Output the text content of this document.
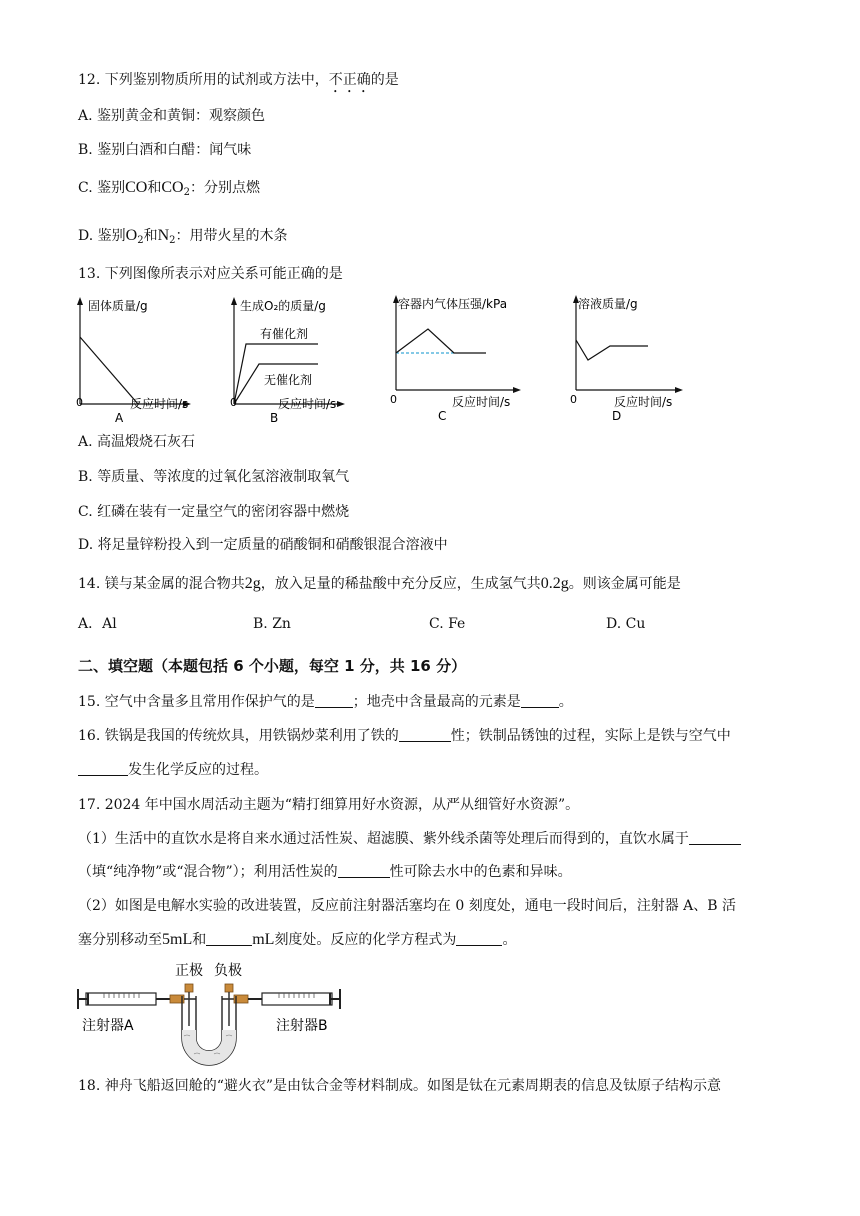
12. 下列鉴别物质所用的试剂或方法中，不正确的是
A. 鉴别黄金和黄铜：观察颜色
B. 鉴别白酒和白醋：闻气味
C. 鉴别CO和$CO_2$：分别点燃
D. 鉴别$O_2$和$N_2$：用带火星的木条
13. 下列图像所表示对应关系可能正确的是
固体质量/g
0	反应时间/s
A
生成O₂的质量/g
有催化剂
无催化剂
0	反应时间/s
B
容器内气体压强/kPa
0	反应时间/s
C
溶液质量/g
0	反应时间/s
D
A. 高温煅烧石灰石
B. 等质量、等浓度的过氧化氢溶液制取氧气
C. 红磷在装有一定量空气的密闭容器中燃烧
D. 将足量锌粉投入到一定质量的硝酸铜和硝酸银混合溶液中
14. 镁与某金属的混合物共2g，放入足量的稀盐酸中充分反应，生成氢气共0.2g。则该金属可能是
A．Al	B. Zn	C. Fe	D. Cu
二、填空题（本题包括 6 个小题，每空 1 分，共 16 分）
15. 空气中含量多且常用作保护气的是	；地壳中含量最高的元素是	。
16. 铁锅是我国的传统炊具，用铁锅炒菜利用了铁的	性；铁制品锈蚀的过程，实际上是铁与空气中
发生化学反应的过程。
17. 2024 年中国水周活动主题为“精打细算用好水资源，从严从细管好水资源”。
（1）生活中的直饮水是将自来水通过活性炭、超滤膜、紫外线杀菌等处理后而得到的，直饮水属于
（填“纯净物”或“混合物”）；利用活性炭的	性可除去水中的色素和异味。
（2）如图是电解水实验的改进装置，反应前注射器活塞均在 0 刻度处，通电一段时间后，注射器 A、B 活
塞分别移动至5mL和	mL刻度处。反应的化学方程式为	。
正极 负极
注射器A	注射器B
18. 神舟飞船返回舱的“避火衣”是由钛合金等材料制成。如图是钛在元素周期表的信息及钛原子结构示意
